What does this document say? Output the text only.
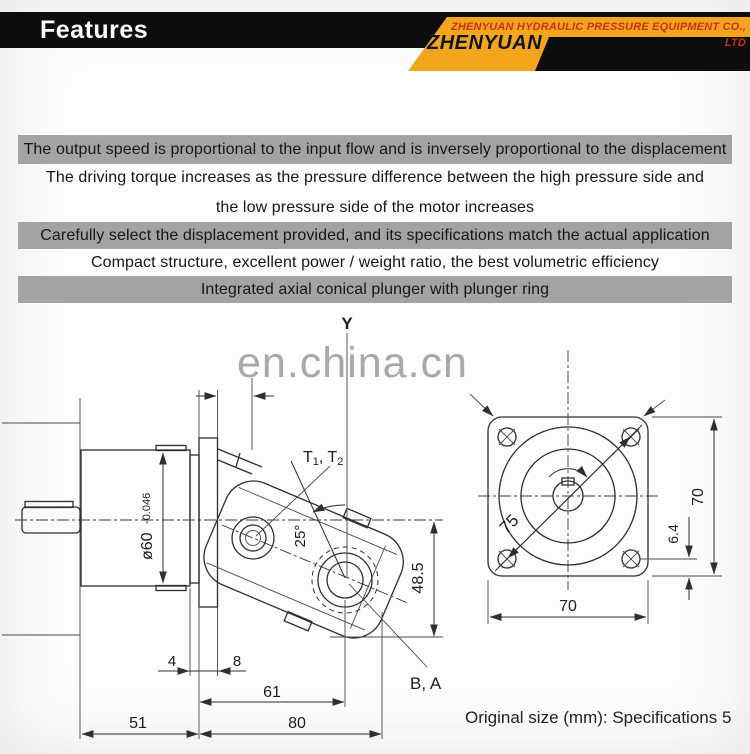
Features	ZHENYUAN HYDRAULIC PRESSURE EQUIPMENT CO., LTD
ZHENYUAN
The output speed is proportional to the input flow and is inversely proportional to the displacement
The driving torque increases as the pressure difference between the high pressure side and
the low pressure side of the motor increases
Carefully select the displacement provided, and its specifications match the actual application
Compact structure, excellent power / weight ratio, the best volumetric efficiency
Integrated axial conical plunger with plunger ring
ø60 -0.046
Y
25°
T1, T2
48.5
B, A
4	8
61
51	80
75
70
6.4
70
en.china.cn
Original size (mm): Specifications 5
